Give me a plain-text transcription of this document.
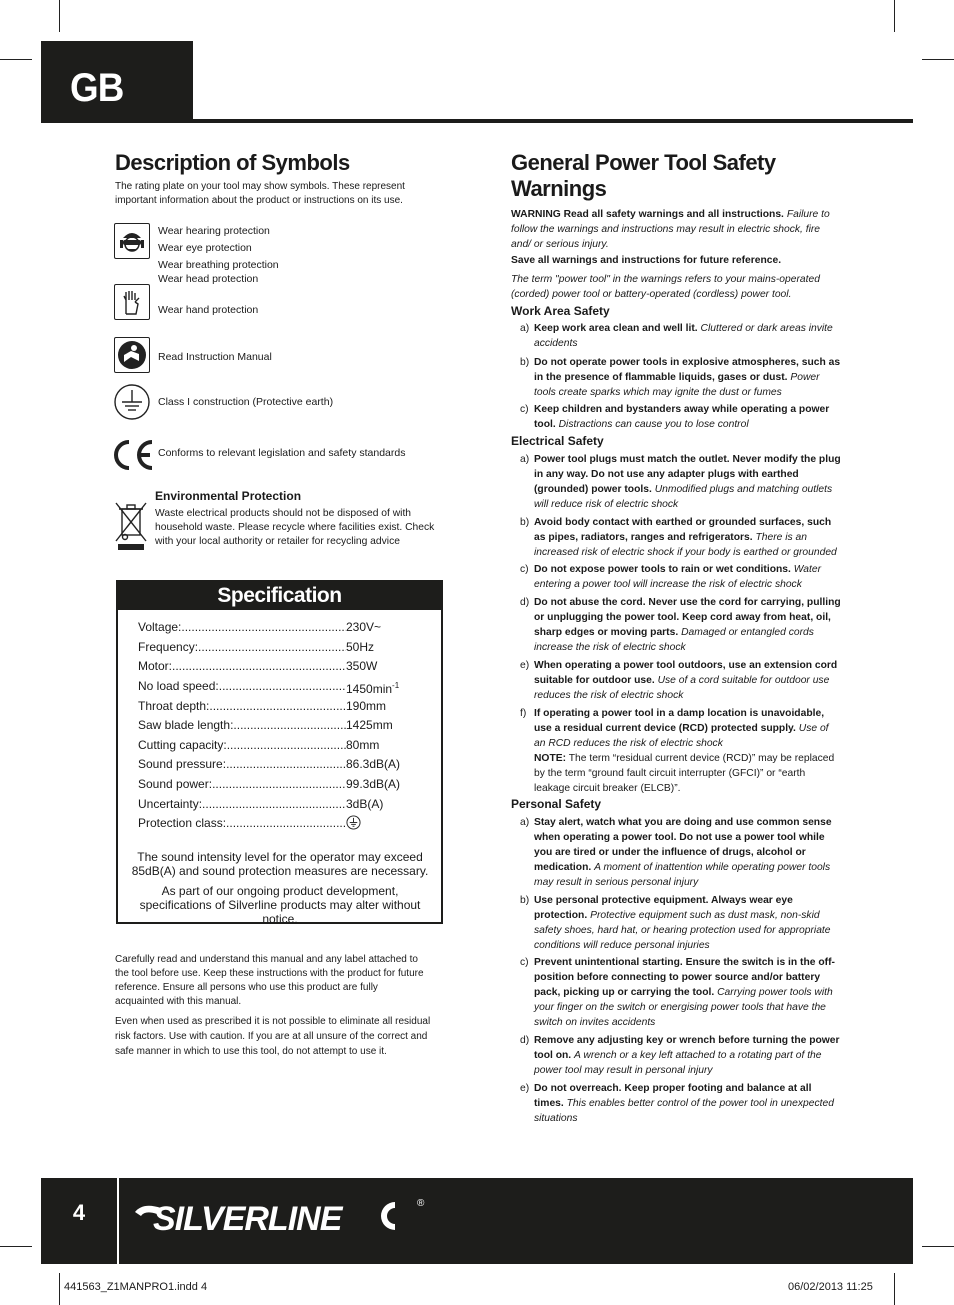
GB
Description of Symbols
The rating plate on your tool may show symbols. These represent important information about the product or instructions on its use.
Wear hearing protection
Wear eye protection
Wear breathing protection
Wear head protection
Wear hand protection
Read Instruction Manual
Class I construction (Protective earth)
Conforms to relevant legislation and safety standards
Environmental Protection
Waste electrical products should not be disposed of with household waste. Please recycle where facilities exist. Check with your local authority or retailer for recycling advice
Specification
Voltage: .....	230V~
Frequency: .....	50Hz
Motor: .....	350W
No load speed: .....	$1450\min^{-1}$
Throat depth: .....	190mm
Saw blade length: .....	1425mm
Cutting capacity: .....	80mm
Sound pressure: .....	86.3dB(A)
Sound power: .....	99.3dB(A)
Uncertainty: .....	3dB(A)
Protection class:
.....
The sound intensity level for the operator may exceed 85dB(A) and sound protection measures are necessary.
As part of our ongoing product development, specifications of Silverline products may alter without notice.
Carefully read and understand this manual and any label attached to the tool before use. Keep these instructions with the product for future reference. Ensure all persons who use this product are fully acquainted with this manual.
Even when used as prescribed it is not possible to eliminate all residual risk factors. Use with caution. If you are at all unsure of the correct and safe manner in which to use this tool, do not attempt to use it.
General Power Tool Safety Warnings
WARNING Read all safety warnings and all instructions. Failure to follow the warnings and instructions may result in electric shock, fire and/ or serious injury.
Save all warnings and instructions for future reference.
The term "power tool" in the warnings refers to your mains-operated (corded) power tool or battery-operated (cordless) power tool.
Work Area Safety
a) Keep work area clean and well lit. Cluttered or dark areas invite accidents
b) Do not operate power tools in explosive atmospheres, such as in the presence of flammable liquids, gases or dust. Power tools create sparks which may ignite the dust or fumes
c) Keep children and bystanders away while operating a power tool. Distractions can cause you to lose control
Electrical Safety
a) Power tool plugs must match the outlet. Never modify the plug in any way. Do not use any adapter plugs with earthed (grounded) power tools. Unmodified plugs and matching outlets will reduce risk of electric shock
b) Avoid body contact with earthed or grounded surfaces, such as pipes, radiators, ranges and refrigerators. There is an increased risk of electric shock if your body is earthed or grounded
c) Do not expose power tools to rain or wet conditions. Water entering a power tool will increase the risk of electric shock
d) Do not abuse the cord. Never use the cord for carrying, pulling or unplugging the power tool. Keep cord away from heat, oil, sharp edges or moving parts. Damaged or entangled cords increase the risk of electric shock
e) When operating a power tool outdoors, use an extension cord suitable for outdoor use. Use of a cord suitable for outdoor use reduces the risk of electric shock
f) If operating a power tool in a damp location is unavoidable, use a residual current device (RCD) protected supply. Use of an RCD reduces the risk of electric shock
NOTE: The term “residual current device (RCD)” may be replaced by the term “ground fault circuit interrupter (GFCI)” or “earth leakage circuit breaker (ELCB)”.
Personal Safety
a) Stay alert, watch what you are doing and use common sense when operating a power tool. Do not use a power tool while you are tired or under the influence of drugs, alcohol or medication. A moment of inattention while operating power tools may result in serious personal injury
b) Use personal protective equipment. Always wear eye protection. Protective equipment such as dust mask, non-skid safety shoes, hard hat, or hearing protection used for appropriate conditions will reduce personal injuries
c) Prevent unintentional starting. Ensure the switch is in the off-position before connecting to power source and/or battery pack, picking up or carrying the tool. Carrying power tools with your finger on the switch or energising power tools that have the switch on invites accidents
d) Remove any adjusting key or wrench before turning the power tool on. A wrench or a key left attached to a rotating part of the power tool may result in personal injury
e) Do not overreach. Keep proper footing and balance at all times. This enables better control of the power tool in unexpected situations
4	SILVERLINE	®
441563_Z1MANPRO1.indd 4	06/02/2013 11:25
